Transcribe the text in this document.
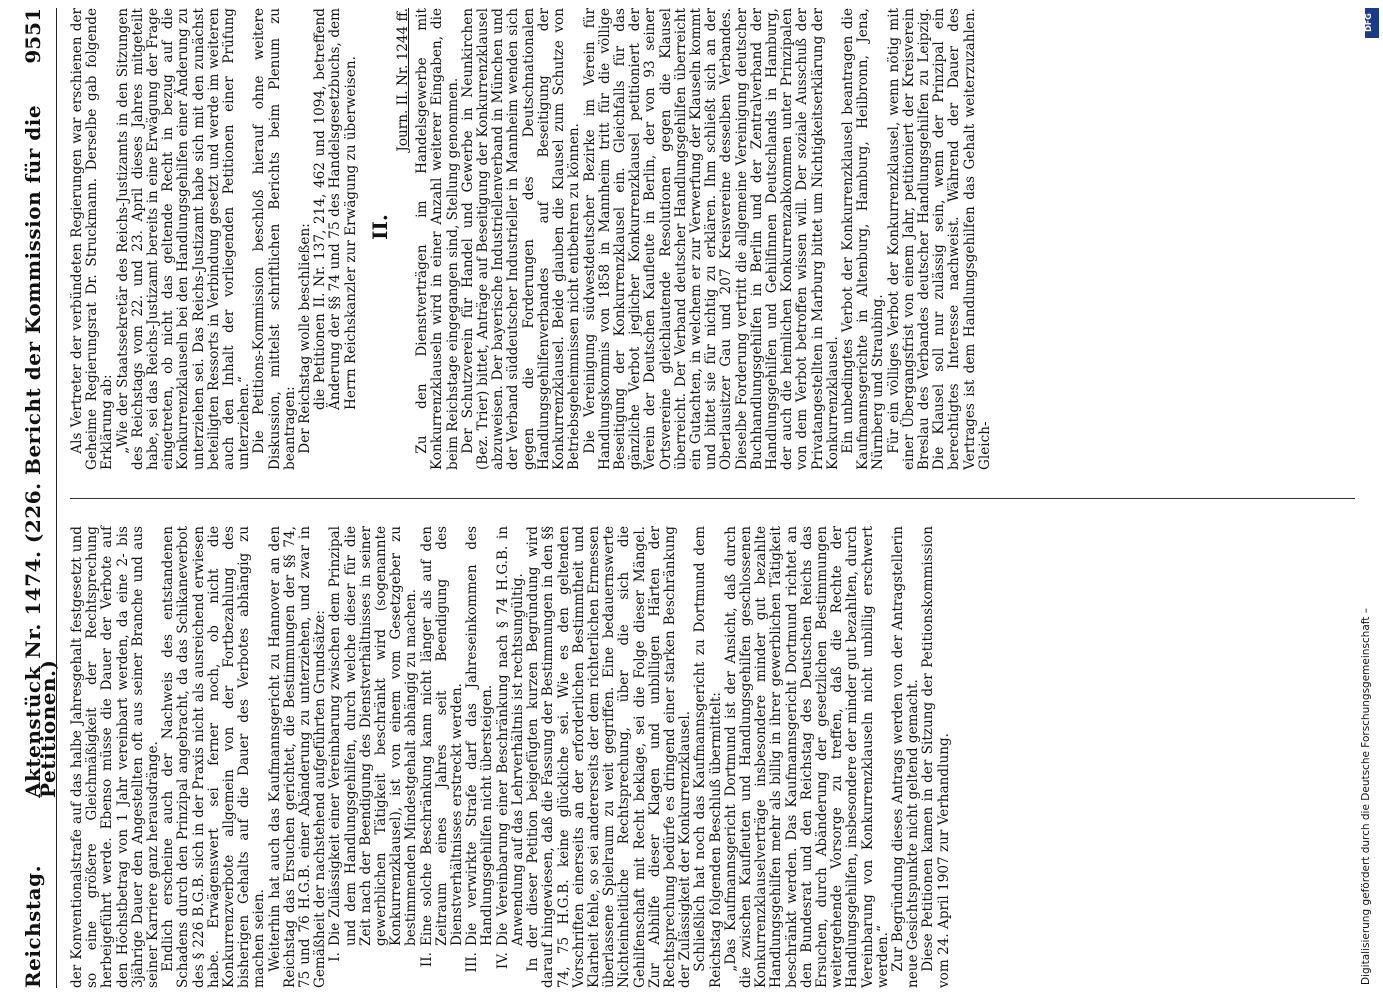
Reichstag.
Aktenstück Nr. 1474. (226. Bericht der Kommission für die Petitionen.)
9551

der Konventionalstrafe auf das halbe Jahresgehalt festgesetzt und so eine größere Gleichmäßigkeit der Rechtsprechung herbeigeführt werde. Ebenso müsse die Dauer der Verbote auf den Höchstbetrag von 1 Jahr vereinbart werden, da eine 2- bis 3jährige Dauer den Angestellten oft aus seiner Branche und aus seiner Karriere ganz herausdränge. Endlich erscheine auch der Nachweis des entstandenen Schadens durch den Prinzipal angebracht, da das Schikaneverbot des § 226 B.G.B. sich in der Praxis nicht als ausreichend erwiesen habe. Erwägenswert sei ferner noch, ob nicht die Konkurrenzverbote allgemein von der Fortbezahlung des bisherigen Gehalts auf die Dauer des Verbotes abhängig zu machen seien. Weiterhin hat auch das Kaufmannsgericht zu Hannover an den Reichstag das Ersuchen gerichtet, die Bestimmungen der §§ 74, 75 und 76 H.G.B. einer Abänderung zu unterziehen, und zwar in Gemäßheit der nachstehend aufgeführten Grundsätze: I.
Die Zulässigkeit einer Vereinbarung zwischen dem Prinzipal und dem Handlungsgehilfen, durch welche dieser für die Zeit nach der Beendigung des Dienstverhältnisses in seiner gewerblichen Tätigkeit beschränkt wird (sogenannte Konkurrenzklausel), ist von einem vom Gesetzgeber zu bestimmenden Mindestgehalt abhängig zu machen.
II.
Eine solche Beschränkung kann nicht länger als auf den Zeitraum eines Jahres seit Beendigung des Dienstverhältnisses erstreckt werden.
III.
Die verwirkte Strafe darf das Jahreseinkommen des Handlungsgehilfen nicht übersteigen.
IV.
Die Vereinbarung einer Beschränkung nach § 74 H.G.B. in Anwendung auf das Lehrverhältnis ist rechtsungültig. In der dieser Petition beigefügten kurzen Begründung wird darauf hingewiesen, daß die Fassung der Bestimmungen in den §§ 74, 75 H.G.B. keine glückliche sei. Wie es den geltenden Vorschriften einerseits an der erforderlichen Bestimmtheit und Klarheit fehle, so sei andererseits der dem richterlichen Ermessen überlassene Spielraum zu weit gegriffen. Eine bedauernswerte Nichteinheitliche Rechtsprechung, über die sich die Gehilfenschaft mit Recht beklage, sei die Folge dieser Mängel. Zur Abhilfe dieser Klagen und unbilligen Härten der Rechtsprechung bedürfe es dringend einer starken Beschränkung der Zulässigkeit der Konkurrenzklausel. Schließlich hat noch das Kaufmannsgericht zu Dortmund dem Reichstag folgenden Beschluß übermittelt: „Das Kaufmannsgericht Dortmund ist der Ansicht, daß durch die zwischen Kaufleuten und Handlungsgehilfen geschlossenen Konkurrenzklauselverträge insbesondere minder gut bezahlte Handlungsgehilfen mehr als billig in ihrer gewerblichen Tätigkeit beschränkt werden. Das Kaufmannsgericht Dortmund richtet an den Bundesrat und den Reichstag des Deutschen Reichs das Ersuchen, durch Abänderung der gesetzlichen Bestimmungen weitergehende Vorsorge zu treffen, daß die Rechte der Handlungsgehilfen, insbesondere der minder gut bezahlten, durch Vereinbarung von Konkurrenzklauseln nicht unbillig erschwert werden.“ Zur Begründung dieses Antrags werden von der Antragstellerin neue Gesichtspunkte nicht geltend gemacht. Diese Petitionen kamen in der Sitzung der Petitionskommission vom 24. April 1907 zur Verhandlung.

Als Vertreter der verbündeten Regierungen war erschienen der Geheime Regierungsrat Dr. Struckmann. Derselbe gab folgende Erklärung ab: „Wie der Staatssekretär des Reichs-Justizamts in den Sitzungen des Reichstags vom 22. und 23. April dieses Jahres mitgeteilt habe, sei das Reichs-Justizamt bereits in eine Erwägung der Frage eingetreten, ob nicht das geltende Recht in bezug auf die Konkurrenzklauseln bei den Handlungsgehilfen einer Änderung zu unterziehen sei. Das Reichs-Justizamt habe sich mit den zunächst beteiligten Ressorts in Verbindung gesetzt und werde im weiteren auch den Inhalt der vorliegenden Petitionen einer Prüfung unterziehen.“ Die Petitions-Kommission beschloß hierauf ohne weitere Diskussion, mittelst schriftlichen Berichts beim Plenum zu beantragen: Der Reichstag wolle beschließen: die Petitionen II. Nr. 137, 214, 462 und 1094, betreffend Änderung der §§ 74 und 75 des Handelsgesetzbuchs, dem Herrn Reichskanzler zur Erwägung zu überweisen. II.

Journ. II. Nr. 1244 ff. Zu den Dienstverträgen im Handelsgewerbe mit Konkurrenzklauseln wird in einer Anzahl weiterer Eingaben, die beim Reichstage eingegangen sind, Stellung genommen. Der Schutzverein für Handel und Gewerbe in Neunkirchen (Bez. Trier) bittet, Anträge auf Beseitigung der Konkurrenzklausel abzuweisen. Der bayerische Industriellenverband in München und der Verband süddeutscher Industrieller in Mannheim wenden sich gegen die Forderungen des Deutschnationalen Handlungsgehilfenverbandes auf Beseitigung der Konkurrenzklausel. Beide glauben die Klausel zum Schutze von Betriebsgeheimnissen nicht entbehren zu können. Die Vereinigung südwestdeutscher Bezirke im Verein für Handlungskommis von 1858 in Mannheim tritt für die völlige Beseitigung der Konkurrenzklausel ein. Gleichfalls für das gänzliche Verbot jeglicher Konkurrenzklausel petitioniert der Verein der Deutschen Kaufleute in Berlin, der von 93 seiner Ortsvereine gleichlautende Resolutionen gegen die Klausel überreicht. Der Verband deutscher Handlungsgehilfen überreicht ein Gutachten, in welchem er zur Verwerfung der Klauseln kommt und bittet sie für nichtig zu erklären. Ihm schließt sich an der Oberlausitzer Gau und 207 Kreisvereine desselben Verbandes. Dieselbe Forderung vertritt die allgemeine Vereinigung deutscher Buchhandlungsgehilfen in Berlin und der Zentralverband der Handlungsgehilfen und Gehilfinnen Deutschlands in Hamburg, der auch die heimlichen Konkurrenzabkommen unter Prinzipalen von dem Verbot betroffen wissen will. Der soziale Ausschuß der Privatangestellten in Marburg bittet um Nichtigkeitserklärung der Konkurrenzklausel. Ein unbedingtes Verbot der Konkurrenzklausel beantragen die Kaufmannsgerichte in Altenburg, Hamburg, Heilbronn, Jena, Nürnberg und Straubing. Für ein völliges Verbot der Konkurrenzklausel, wenn nötig mit einer Übergangsfrist von einem Jahr, petitioniert der Kreisverein Breslau des Verbandes deutscher Handlungsgehilfen zu Leipzig. Die Klausel soll nur zulässig sein, wenn der Prinzipal ein berechtigtes Interesse nachweist. Während der Dauer des Vertrages ist dem Handlungsgehilfen das Gehalt weiterzuzahlen. Gleich-

Digitalisierung gefördert durch die Deutsche Forschungsgemeinschaft –
DFG
